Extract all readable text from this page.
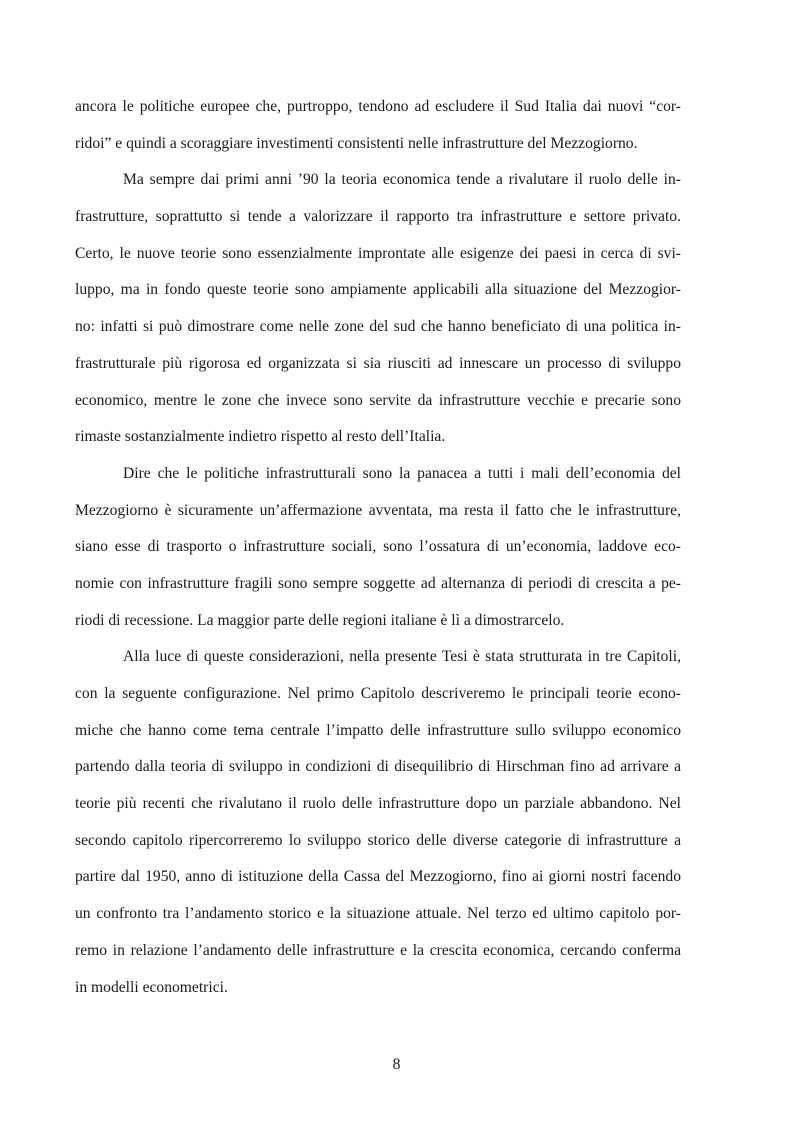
ancora le politiche europee che, purtroppo, tendono ad escludere il Sud Italia dai nuovi “cor-
ridoi” e quindi a scoraggiare investimenti consistenti nelle infrastrutture del Mezzogiorno.
Ma sempre dai primi anni ’90 la teoria economica tende a rivalutare il ruolo delle in-
frastrutture, soprattutto si tende a valorizzare il rapporto tra infrastrutture e settore privato.
Certo, le nuove teorie sono essenzialmente improntate alle esigenze dei paesi in cerca di svi-
luppo, ma in fondo queste teorie sono ampiamente applicabili alla situazione del Mezzogior-
no: infatti si può dimostrare come nelle zone del sud che hanno beneficiato di una politica in-
frastrutturale più rigorosa ed organizzata si sia riusciti ad innescare un processo di sviluppo
economico, mentre le zone che invece sono servite da infrastrutture vecchie e precarie sono
rimaste sostanzialmente indietro rispetto al resto dell’Italia.
Dire che le politiche infrastrutturali sono la panacea a tutti i mali dell’economia del
Mezzogiorno è sicuramente un’affermazione avventata, ma resta il fatto che le infrastrutture,
siano esse di trasporto o infrastrutture sociali, sono l’ossatura di un’economia, laddove eco-
nomie con infrastrutture fragili sono sempre soggette ad alternanza di periodi di crescita a pe-
riodi di recessione. La maggior parte delle regioni italiane è lì a dimostrarcelo.
Alla luce di queste considerazioni, nella presente Tesi è stata strutturata in tre Capitoli,
con la seguente configurazione. Nel primo Capitolo descriveremo le principali teorie econo-
miche che hanno come tema centrale l’impatto delle infrastrutture sullo sviluppo economico
partendo dalla teoria di sviluppo in condizioni di disequilibrio di Hirschman fino ad arrivare a
teorie più recenti che rivalutano il ruolo delle infrastrutture dopo un parziale abbandono. Nel
secondo capitolo ripercorreremo lo sviluppo storico delle diverse categorie di infrastrutture a
partire dal 1950, anno di istituzione della Cassa del Mezzogiorno, fino ai giorni nostri facendo
un confronto tra l’andamento storico e la situazione attuale. Nel terzo ed ultimo capitolo por-
remo in relazione l’andamento delle infrastrutture e la crescita economica, cercando conferma
in modelli econometrici.
8
